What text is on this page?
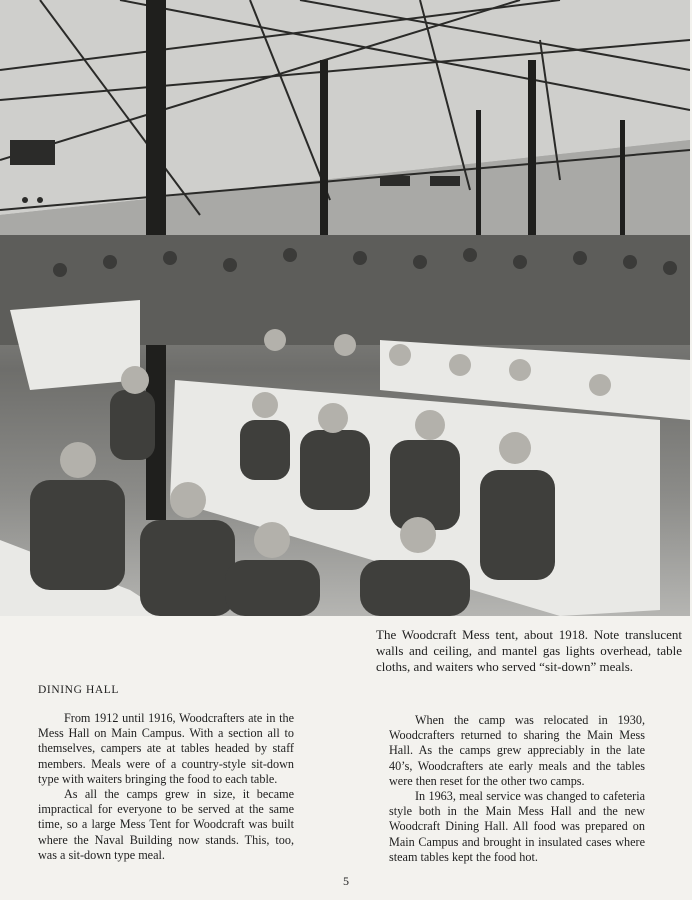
The Woodcraft Mess tent, about 1918. Note translucent walls and ceiling, and mantel gas lights overhead, table cloths, and waiters who served “sit-down” meals.
DINING HALL

From 1912 until 1916, Woodcrafters ate in the Mess Hall on Main Campus. With a section all to themselves, campers ate at tables headed by staff members. Meals were of a country-style sit-down type with waiters bringing the food to each table.

As all the camps grew in size, it became impractical for everyone to be served at the same time, so a large Mess Tent for Woodcraft was built where the Naval Building now stands. This, too, was a sit-down type meal.

When the camp was relocated in 1930, Woodcrafters returned to sharing the Main Mess Hall. As the camps grew appreciably in the late 40’s, Woodcrafters ate early meals and the tables were then reset for the other two camps.

In 1963, meal service was changed to cafeteria style both in the Main Mess Hall and the new Woodcraft Dining Hall. All food was prepared on Main Campus and brought in insulated cases where steam tables kept the food hot.

5
